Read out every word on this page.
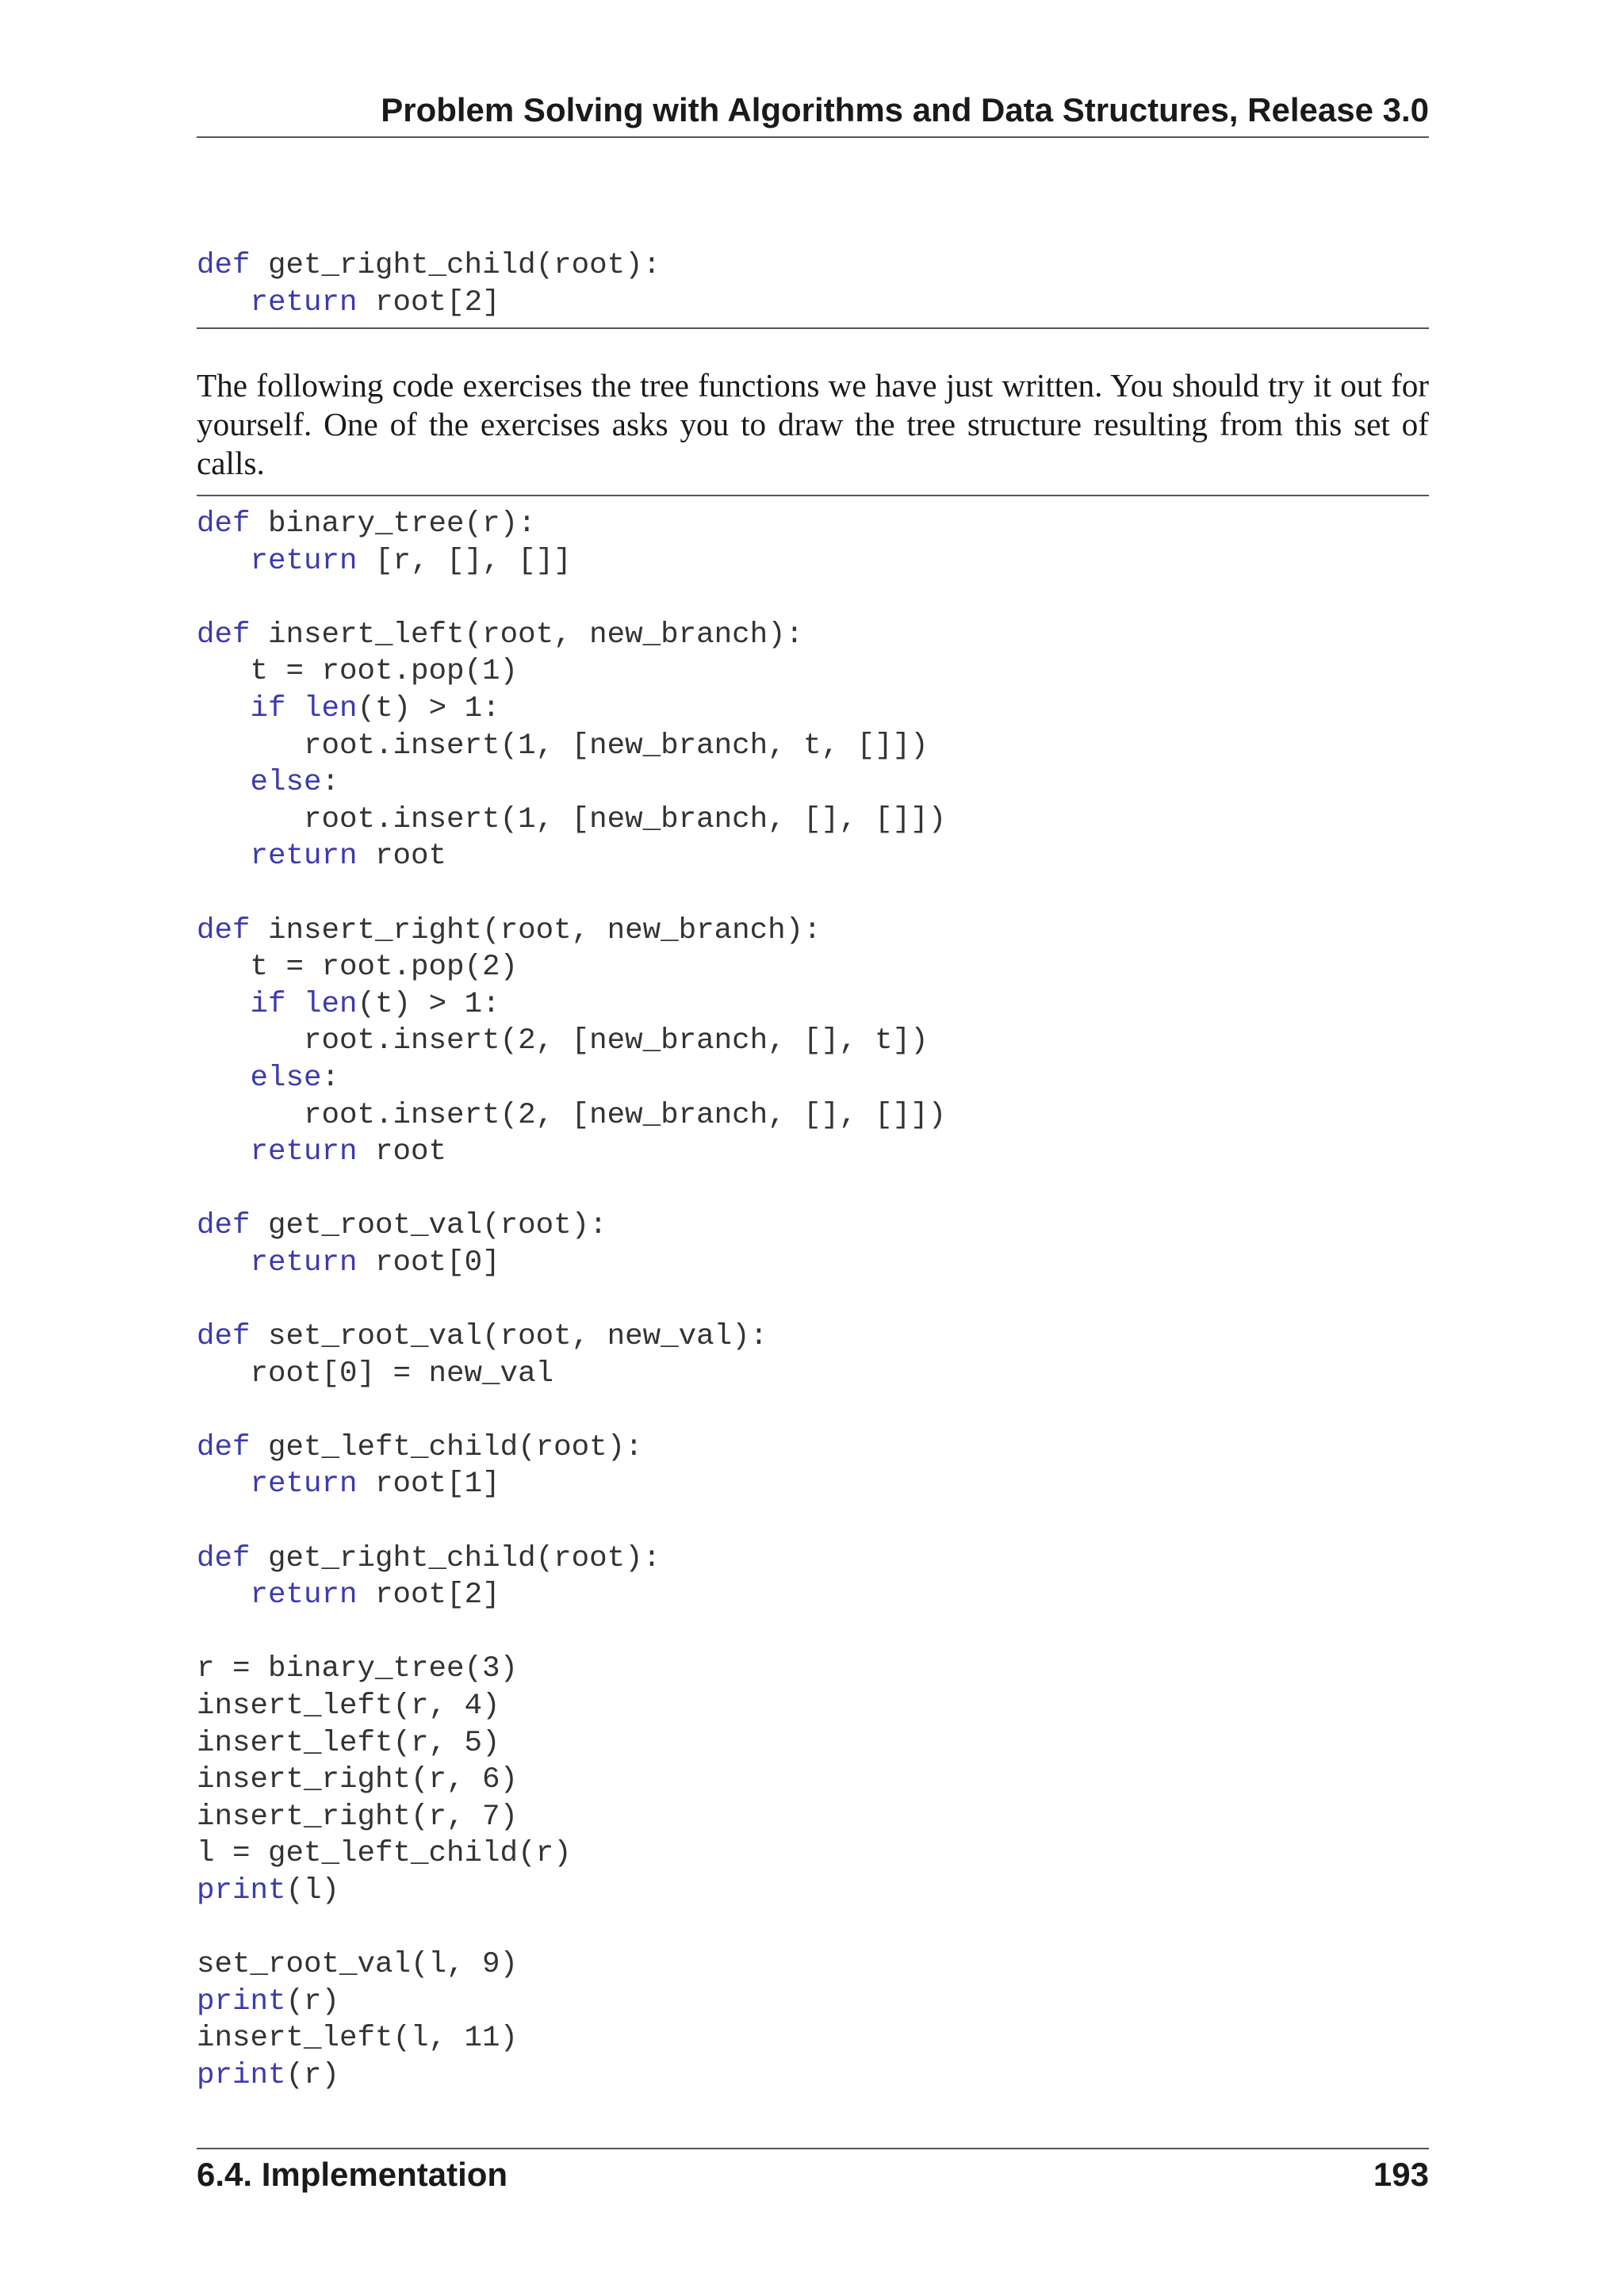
Problem Solving with Algorithms and Data Structures, Release 3.0
def get_right_child(root):
return root[2]

The following code exercises the tree functions we have just written. You should try it out for yourself. One of the exercises asks you to draw the tree structure resulting from this set of calls.

def binary_tree(r):
return [r, [], []]
def insert_left(root, new_branch):
t = root.pop(1)
if len(t) > 1:
root.insert(1, [new_branch, t, []])
else:
root.insert(1, [new_branch, [], []])
return root
def insert_right(root, new_branch):
t = root.pop(2)
if len(t) > 1:
root.insert(2, [new_branch, [], t])
else:
root.insert(2, [new_branch, [], []])
return root
def get_root_val(root):
return root[0]
def set_root_val(root, new_val):
root[0] = new_val
def get_left_child(root):
return root[1]
def get_right_child(root):
return root[2]
r = binary_tree(3)
insert_left(r, 4)
insert_left(r, 5)
insert_right(r, 6)
insert_right(r, 7)
l = get_left_child(r)
print(l)
set_root_val(l, 9)
print(r)
insert_left(l, 11)
print(r)
6.4. Implementation	193
